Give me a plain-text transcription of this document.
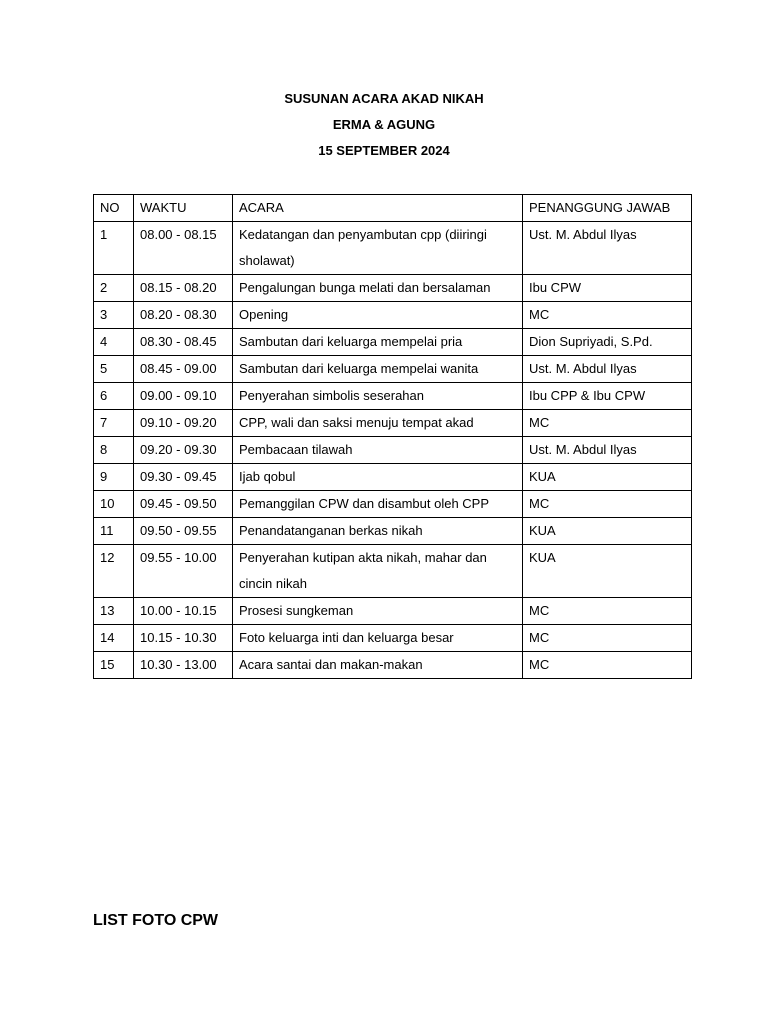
SUSUNAN ACARA AKAD NIKAH
ERMA & AGUNG
15 SEPTEMBER 2024
NO	WAKTU	ACARA	PENANGGUNG JAWAB
1	08.00 - 08.15	Kedatangan dan penyambutan cpp (diiringi sholawat)	Ust. M. Abdul Ilyas
2	08.15 - 08.20	Pengalungan bunga melati dan bersalaman	Ibu CPW
3	08.20 - 08.30	Opening	MC
4	08.30 - 08.45	Sambutan dari keluarga mempelai pria	Dion Supriyadi, S.Pd.
5	08.45 - 09.00	Sambutan dari keluarga mempelai wanita	Ust. M. Abdul Ilyas
6	09.00 - 09.10	Penyerahan simbolis seserahan	Ibu CPP & Ibu CPW
7	09.10 - 09.20	CPP, wali dan saksi menuju tempat akad	MC
8	09.20 - 09.30	Pembacaan tilawah	Ust. M. Abdul Ilyas
9	09.30 - 09.45	Ijab qobul	KUA
10	09.45 - 09.50	Pemanggilan CPW dan disambut oleh CPP	MC
11	09.50 - 09.55	Penandatanganan berkas nikah	KUA
12	09.55 - 10.00	Penyerahan kutipan akta nikah, mahar dan cincin nikah	KUA
13	10.00 - 10.15	Prosesi sungkeman	MC
14	10.15 - 10.30	Foto keluarga inti dan keluarga besar	MC
15	10.30 - 13.00	Acara santai dan makan-makan	MC
LIST FOTO CPW
